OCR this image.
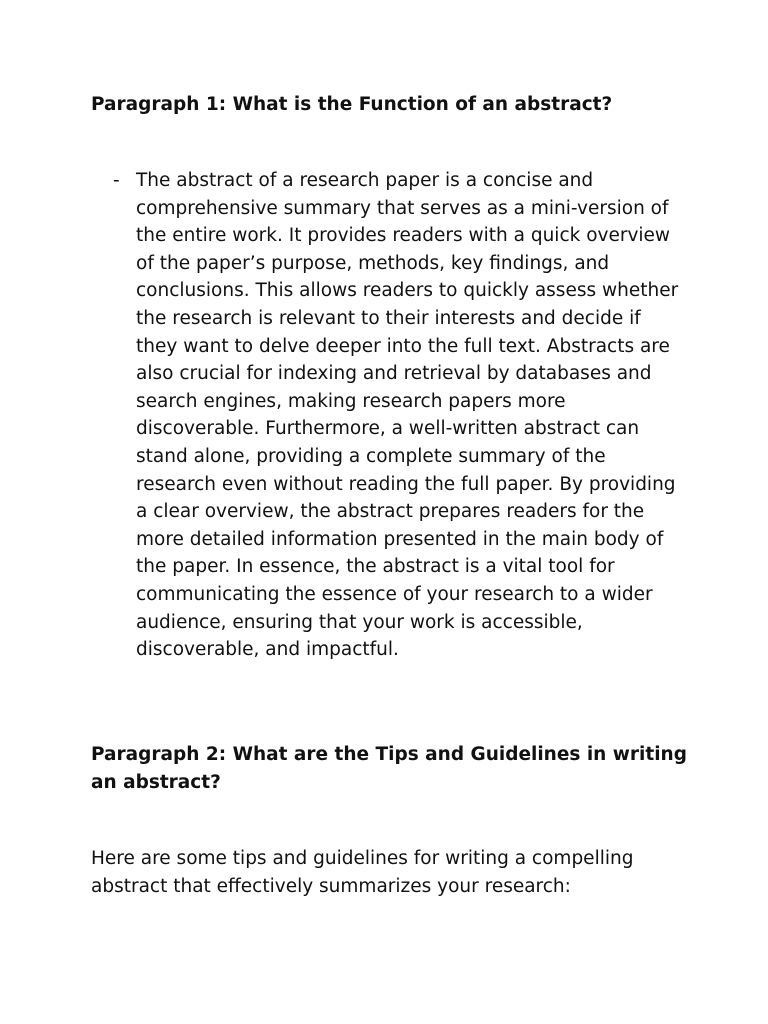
Paragraph 1: What is the Function of an abstract?
- The abstract of a research paper is a concise and comprehensive summary that serves as a mini-version of the entire work. It provides readers with a quick overview of the paper’s purpose, methods, key findings, and conclusions. This allows readers to quickly assess whether the research is relevant to their interests and decide if they want to delve deeper into the full text. Abstracts are also crucial for indexing and retrieval by databases and search engines, making research papers more discoverable. Furthermore, a well-written abstract can stand alone, providing a complete summary of the research even without reading the full paper. By providing a clear overview, the abstract prepares readers for the more detailed information presented in the main body of the paper. In essence, the abstract is a vital tool for communicating the essence of your research to a wider audience, ensuring that your work is accessible, discoverable, and impactful.

Paragraph 2: What are the Tips and Guidelines in writing an abstract?

Here are some tips and guidelines for writing a compelling abstract that effectively summarizes your research:
